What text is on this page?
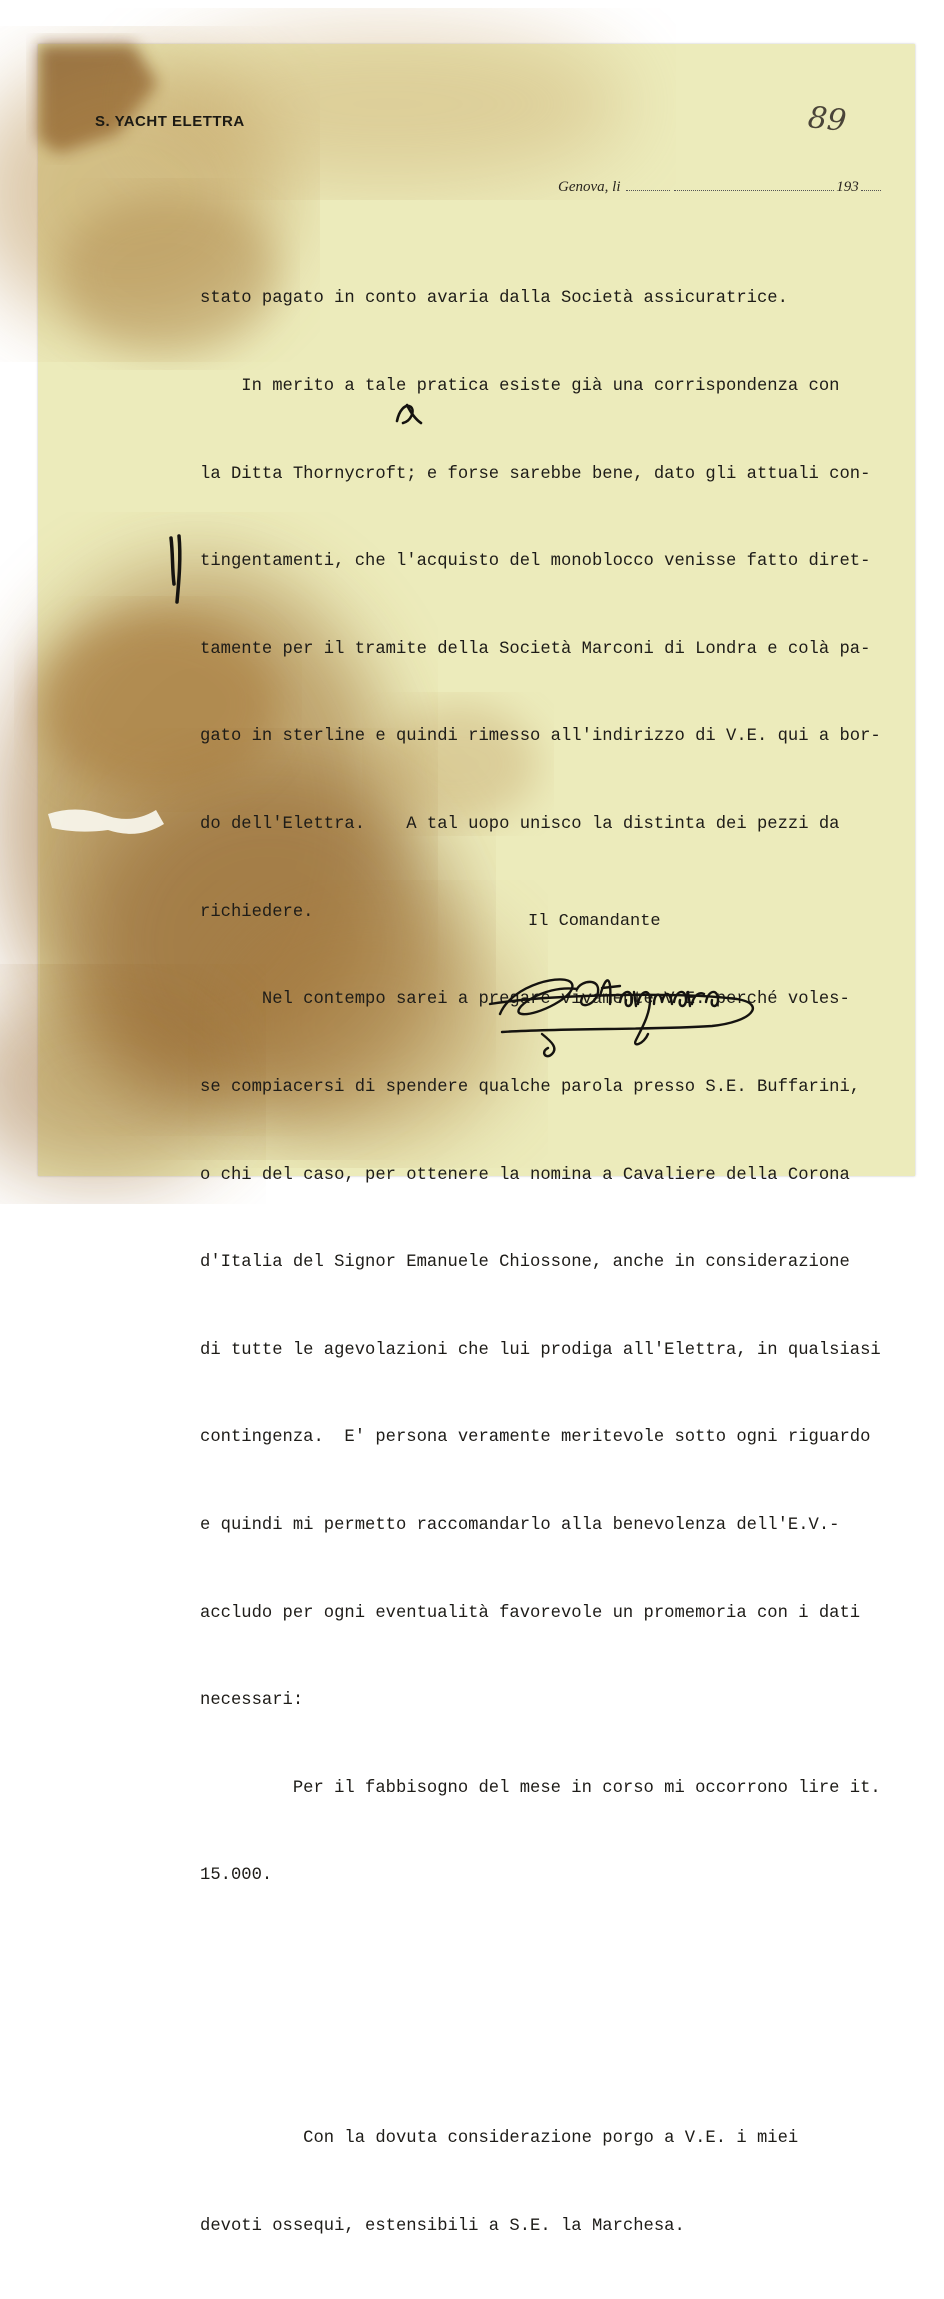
S. YACHT ELETTRA	89
Genova, li	193

stato pagato in conto avaria dalla Società assicuratrice.

In merito a tale pratica esiste già una corrispondenza con

la Ditta Thornycroft; e forse sarebbe bene, dato gli attuali con-

tingentamenti, che l'acquisto del monoblocco venisse fatto diret-

tamente per il tramite della Società Marconi di Londra e colà pa-

gato in sterline e quindi rimesso all'indirizzo di V.E. qui a bor-

do dell'Elettra.    A tal uopo unisco la distinta dei pezzi da

richiedere.

Nel contempo sarei a pregare vivamente V.E. perché voles-

se compiacersi di spendere qualche parola presso S.E. Buffarini,

o chi del caso, per ottenere la nomina a Cavaliere della Corona

d'Italia del Signor Emanuele Chiossone, anche in considerazione

di tutte le agevolazioni che lui prodiga all'Elettra, in qualsiasi

contingenza.  E' persona veramente meritevole sotto ogni riguardo

e quindi mi permetto raccomandarlo alla benevolenza dell'E.V.-

accludo per ogni eventualità favorevole un promemoria con i dati

necessari:

Per il fabbisogno del mese in corso mi occorrono lire it.

15.000.

Con la dovuta considerazione porgo a V.E. i miei

devoti ossequi, estensibili a S.E. la Marchesa.

Il Comandante
